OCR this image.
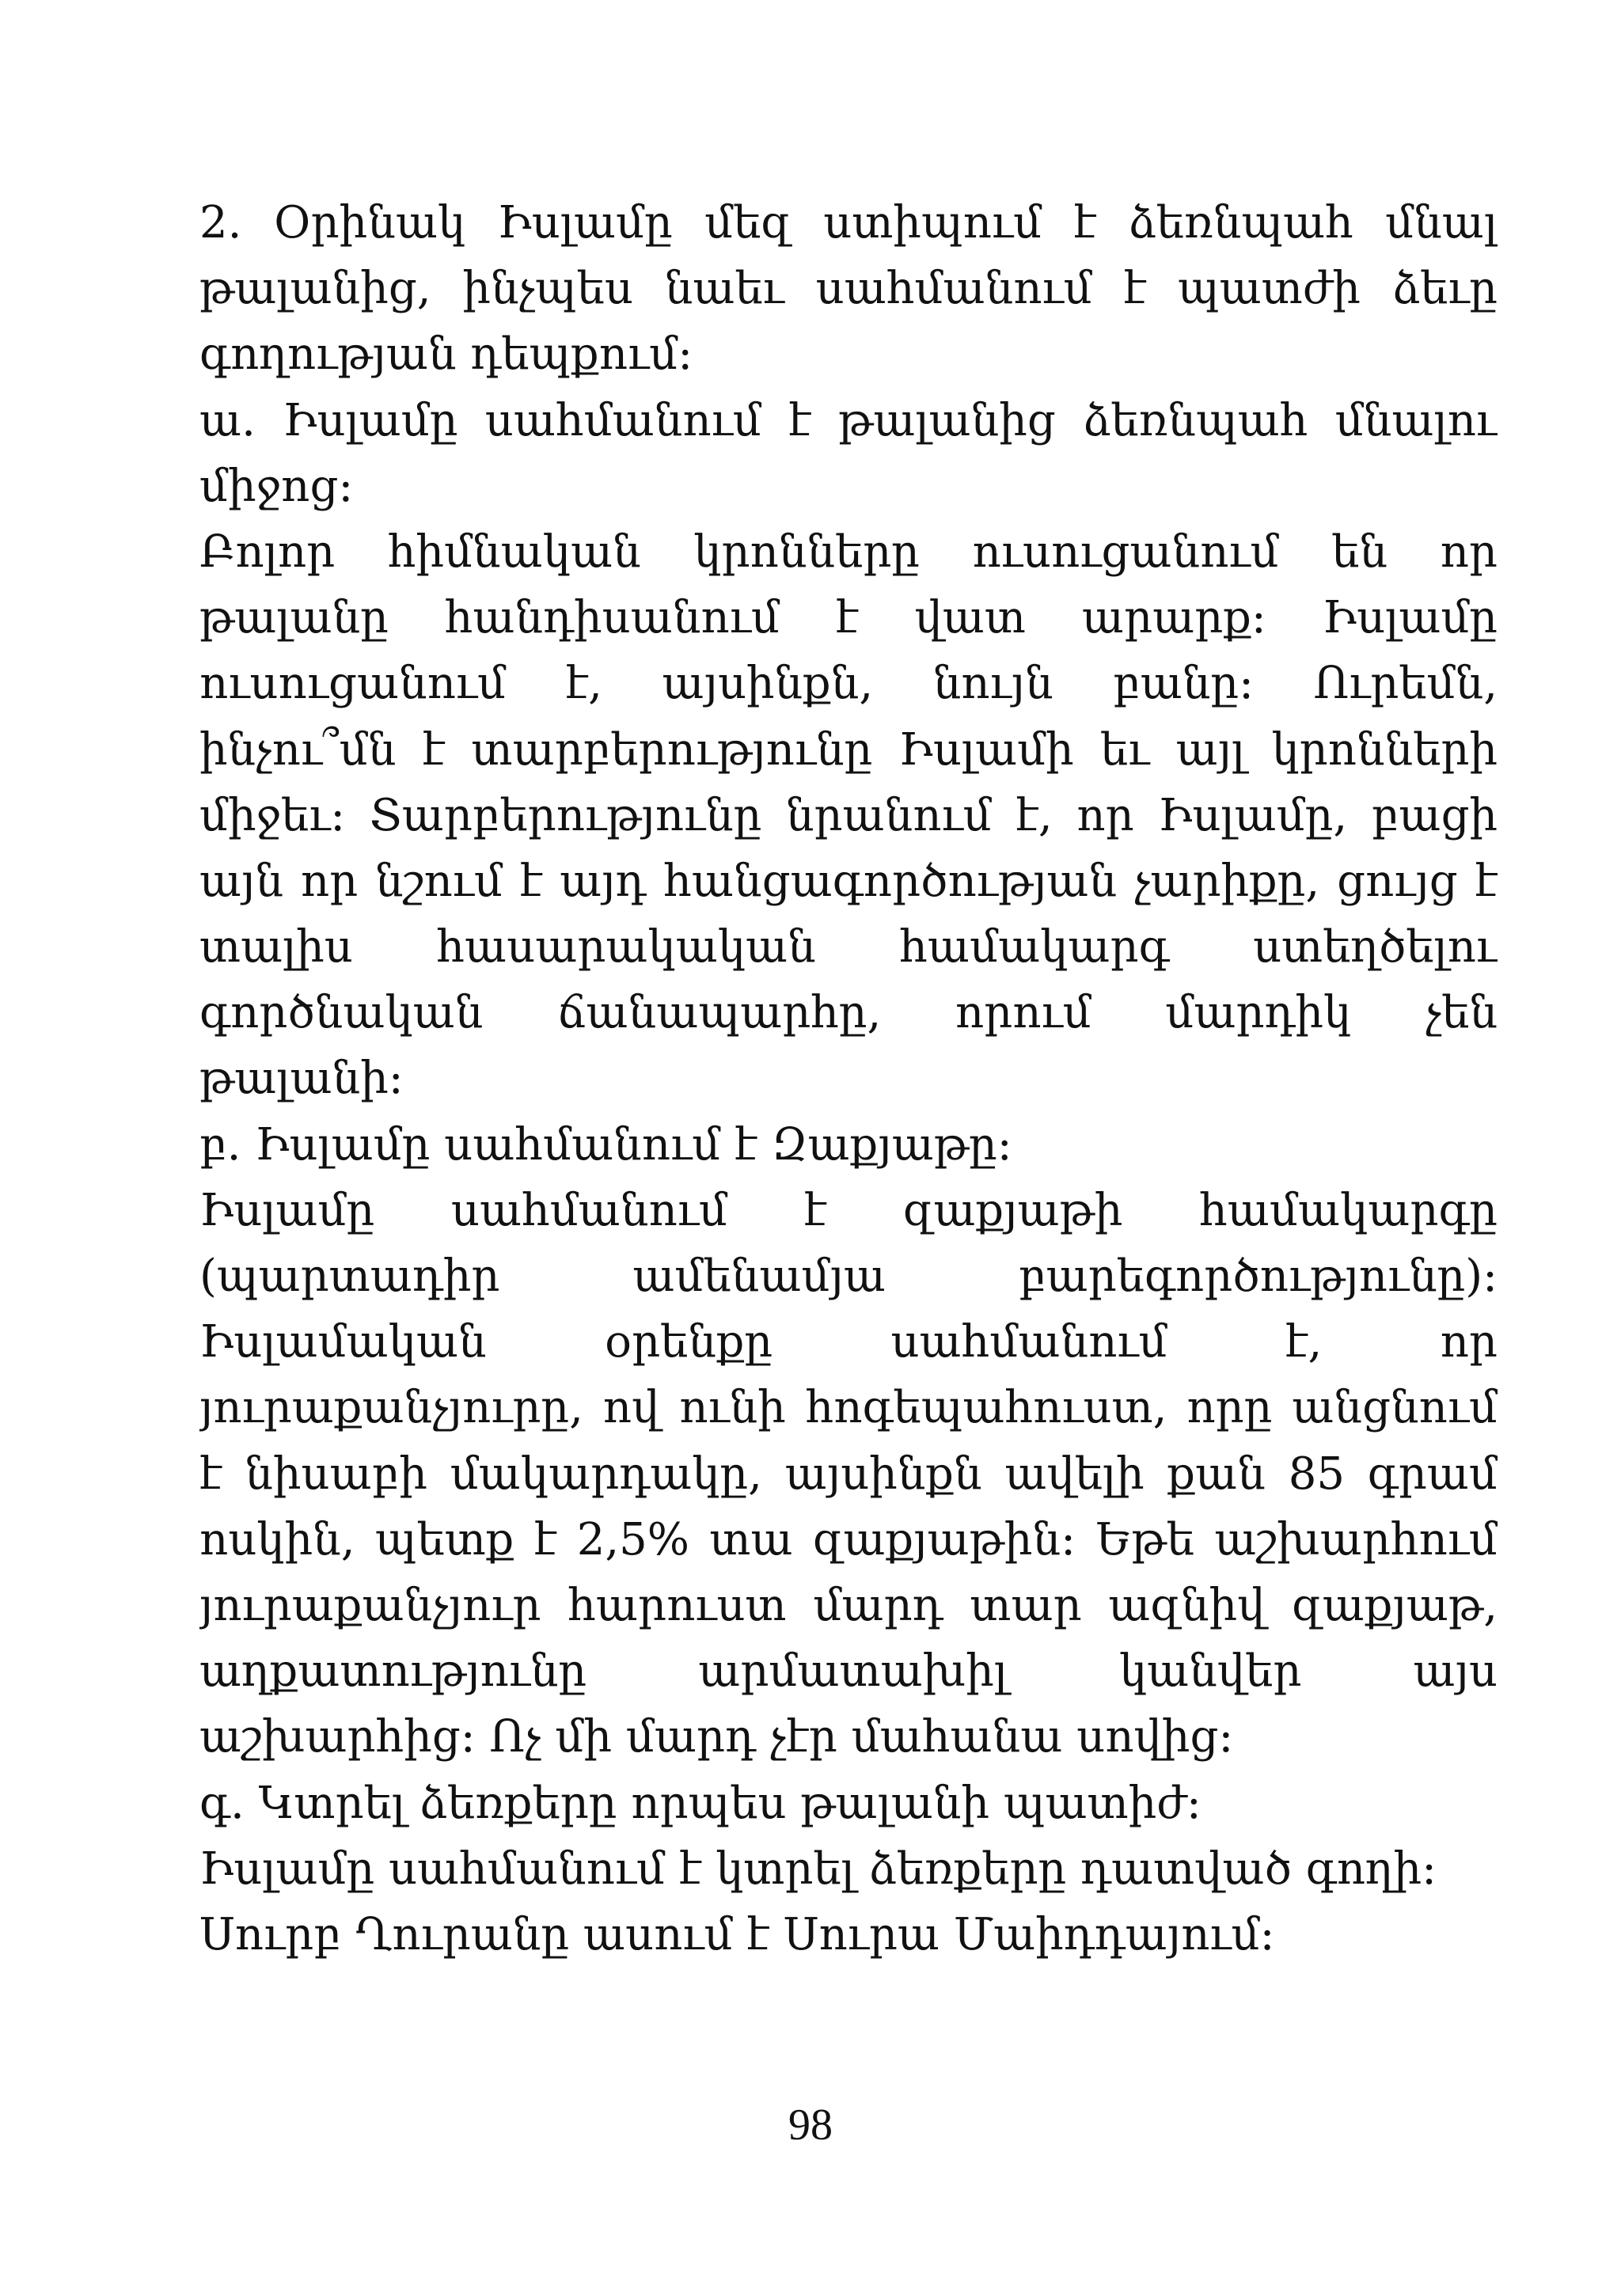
2. Օրինակ Իսլամը մեզ ստիպում է ձեռնպահ մնալ
թալանից, ինչպես նաեւ սահմանում է պատժի ձեւը
գողության դեպքում:
ա. Իսլամը սահմանում է թալանից ձեռնպահ մնալու
միջոց:
Բոլոր հիմնական կրոնները ուսուցանում են որ
թալանը հանդիսանում է վատ արարք: Իսլամը
ուսուցանում է, այսինքն, նույն բանը: Ուրեմն,
ինչու՞մն է տարբերությունը Իսլամի եւ այլ կրոնների
միջեւ: Տարբերությունը նրանում է, որ Իսլամը, բացի
այն որ նշում է այդ հանցագործության չարիքը, ցույց է
տալիս հասարակական համակարգ ստեղծելու
գործնական ճանապարհը, որում մարդիկ չեն
թալանի:
բ. Իսլամը սահմանում է Զաքյաթը:
Իսլամը սահմանում է զաքյաթի համակարգը
(պարտադիր ամենամյա բարեգործությունը):
Իսլամական օրենքը սահմանում է, որ
յուրաքանչյուրը, ով ունի հոգեպահուստ, որը անցնում
է նիսաբի մակարդակը, այսինքն ավելի քան 85 գրամ
ոսկին, պետք է 2,5% տա զաքյաթին: Եթե աշխարհում
յուրաքանչյուր հարուստ մարդ տար ազնիվ զաքյաթ,
աղքատությունը արմատախիլ կանվեր այս
աշխարհից: Ոչ մի մարդ չէր մահանա սովից:
գ. Կտրել ձեռքերը որպես թալանի պատիժ:
Իսլամը սահմանում է կտրել ձեռքերը դատված գողի:
Սուրբ Ղուրանը ասում է Սուրա Մաիդդայում:
98
